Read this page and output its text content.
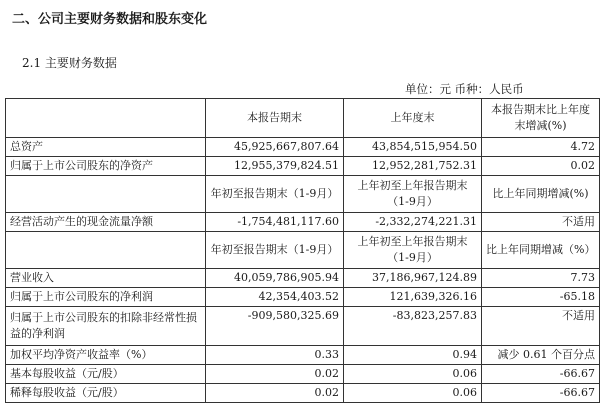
二、公司主要财务数据和股东变化
2.1 主要财务数据
单位：元 币种：人民币
	本报告期末	上年度末	本报告期末比上年度末增减(%)
总资产	45,925,667,807.64	43,854,515,954.50	4.72
归属于上市公司股东的净资产	12,955,379,824.51	12,952,281,752.31	0.02
	年初至报告期末（1-9月）	上年初至上年报告期末（1-9月）	比上年同期增减(%)
经营活动产生的现金流量净额	-1,754,481,117.60	-2,332,274,221.31	不适用
	年初至报告期末（1-9月）	上年初至上年报告期末（1-9月）	比上年同期增减（%）
营业收入	40,059,786,905.94	37,186,967,124.89	7.73
归属于上市公司股东的净利润	42,354,403.52	121,639,326.16	-65.18
归属于上市公司股东的扣除非经常性损益的净利润	-909,580,325.69	-83,823,257.83	不适用
加权平均净资产收益率（%）	0.33	0.94	减少 0.61 个百分点
基本每股收益（元/股）	0.02	0.06	-66.67
稀释每股收益（元/股）	0.02	0.06	-66.67
